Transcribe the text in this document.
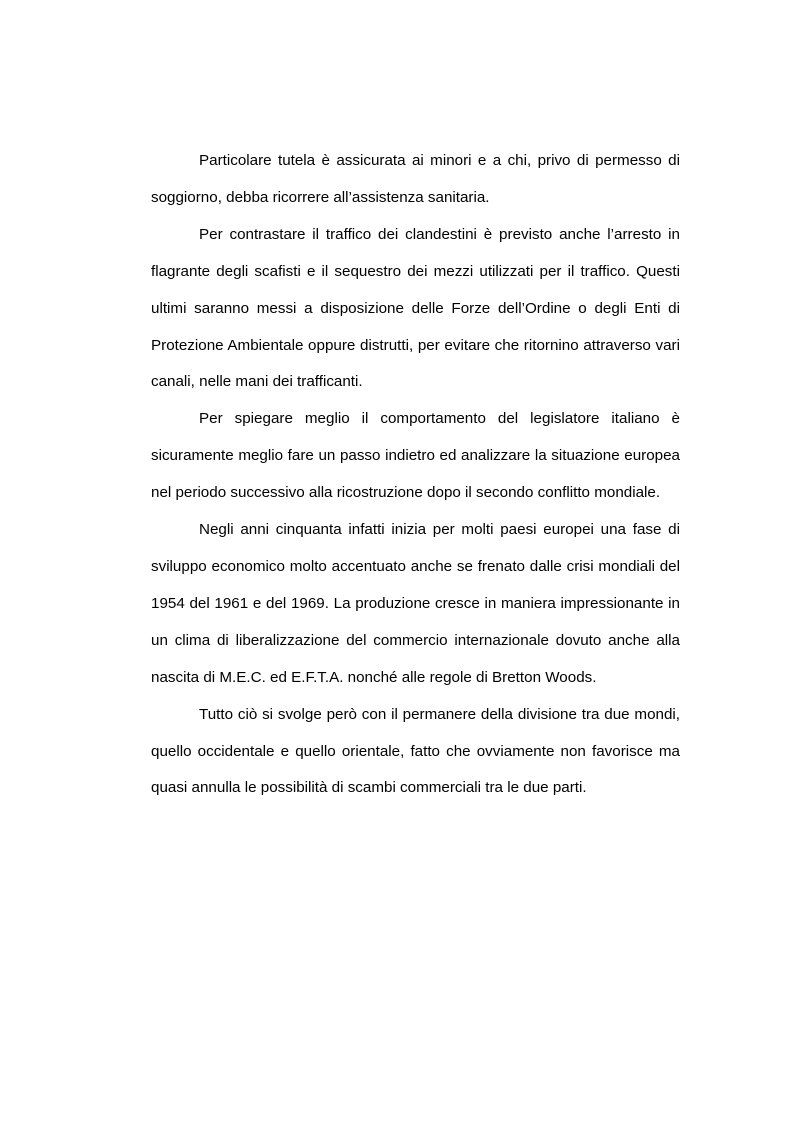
Particolare tutela è assicurata ai minori e a chi, privo di permesso di soggiorno, debba ricorrere all’assistenza sanitaria.

Per contrastare il traffico dei clandestini è previsto anche l’arresto in flagrante degli scafisti e il sequestro dei mezzi utilizzati per il traffico. Questi ultimi saranno messi a disposizione delle Forze dell’Ordine o degli Enti di Protezione Ambientale oppure distrutti, per evitare che ritornino attraverso vari canali, nelle mani dei trafficanti.

Per spiegare meglio il comportamento del legislatore italiano è sicuramente meglio fare un passo indietro ed analizzare la situazione europea nel periodo successivo alla ricostruzione dopo il secondo conflitto mondiale.

Negli anni cinquanta infatti inizia per molti paesi europei una fase di sviluppo economico molto accentuato anche se frenato dalle crisi mondiali del 1954 del 1961 e del 1969. La produzione cresce in maniera impressionante in un clima di liberalizzazione del commercio internazionale dovuto anche alla nascita di M.E.C. ed E.F.T.A. nonché alle regole di Bretton Woods.

Tutto ciò si svolge però con il permanere della divisione tra due mondi, quello occidentale e quello orientale, fatto che ovviamente non favorisce ma quasi annulla le possibilità di scambi commerciali tra le due parti.
